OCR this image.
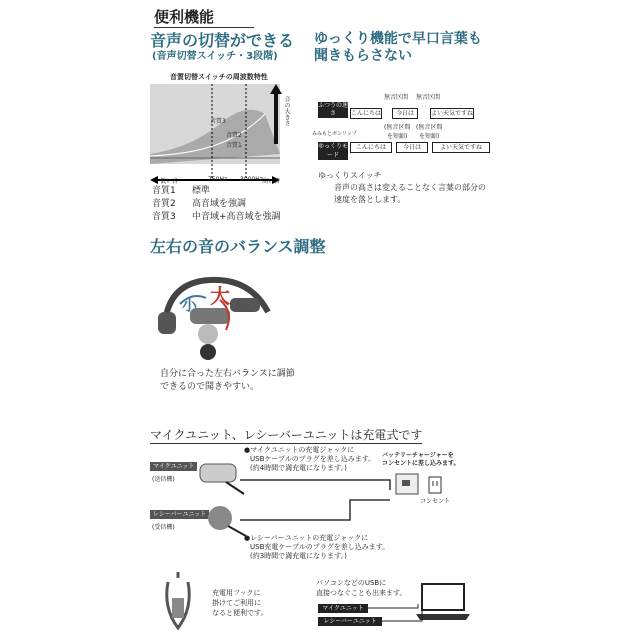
便利機能
音声の切替ができる
(音声切替スイッチ・3段階)
音質切替スイッチの周波数特性
音質3
音質2
音質1
低い音	750Hz 3000Hz 高い音
音の大きさ
音質1 標準
音質2 高音域を強調
音質3 中音域+高音域を強調
ゆっくり機能で早口言葉も
聞きもらさない
ふつうの速さ
みみもとボンリップ
無音区間 無音区間
こんにちは	今日は	よい天気ですね
(無音区間
を短縮)
(無音区間
を短縮)
ゆっくりモード
こんにちは	今日は	よい天気ですね
ゆっくりスイッチ
音声の高さは変えることなく言葉の部分の
速度を落とします。
左右の音のバランス調整
小 大
自分に合った左右バランスに調節
できるので聞きやすい。
マイクユニット、レシーバーユニットは充電式です
マイクユニット
(送信機)
レシーバーユニット
(受信機)
●マイクユニットの充電ジャックに
USBケーブルのプラグを差し込みます。
(約4時間で満充電になります。)
●レシーバーユニットの充電ジャックに
USB充電ケーブルのプラグを差し込みます。
(約3時間で満充電になります。)
バッテリーチャージャーを
コンセントに差し込みます。
コンセント
充電用フックに
掛けてご利用に
なると便利です。
パソコンなどのUSBに
直接つなぐことも出来ます。
マイクユニット
レシーバーユニット
